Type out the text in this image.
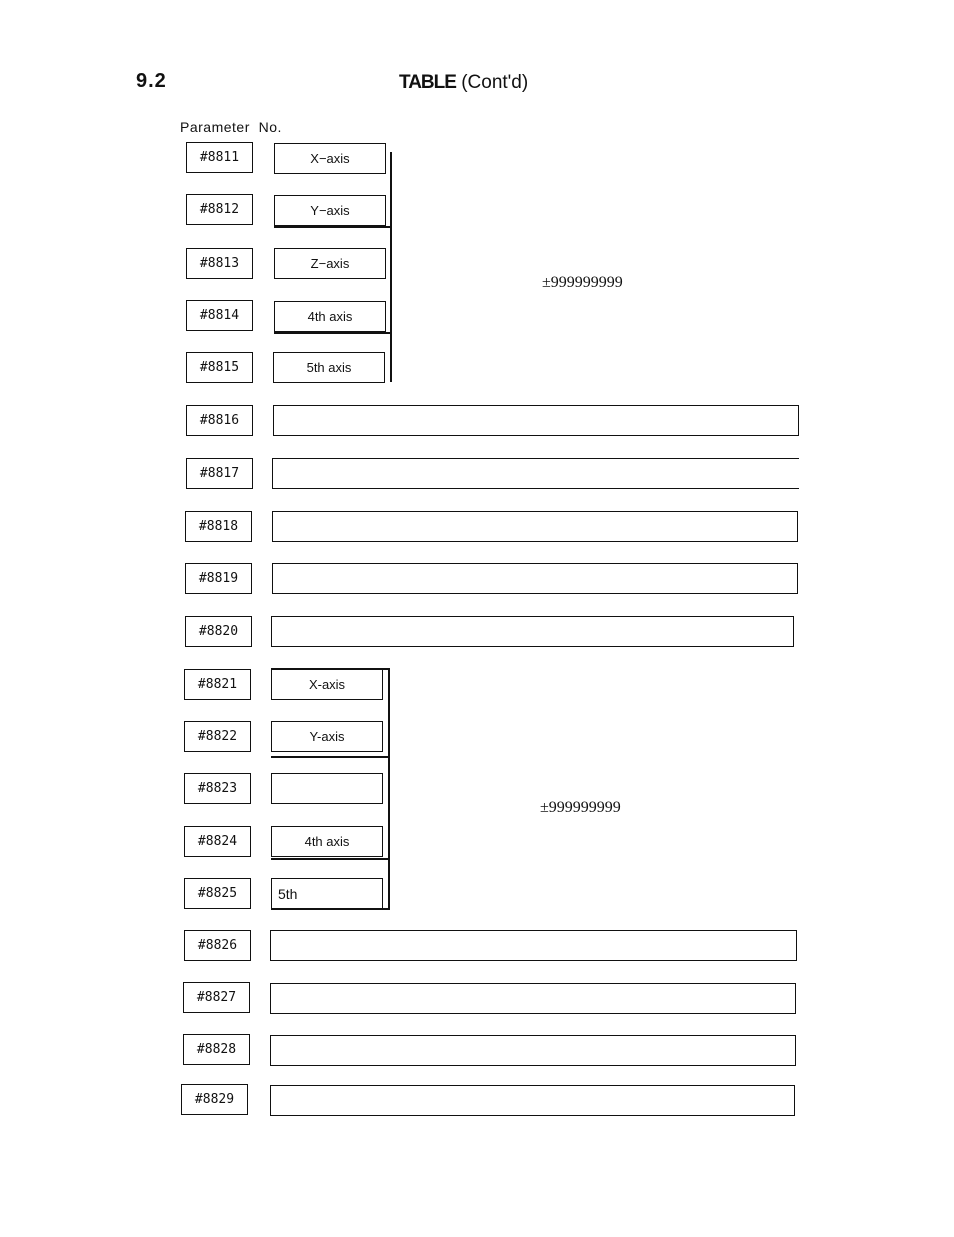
9.2	TABLE (Cont'd)
Parameter  No.
#8811
#8812
#8813
#8814
#8815
X−axis
Y−axis
Z−axis
4th axis
5th axis
±999999999
#8816
#8817
#8818
#8819
#8820
#8821
#8822
#8823
#8824
#8825
X-axis
Y-axis
4th axis
5th
±999999999
#8826
#8827
#8828
#8829
